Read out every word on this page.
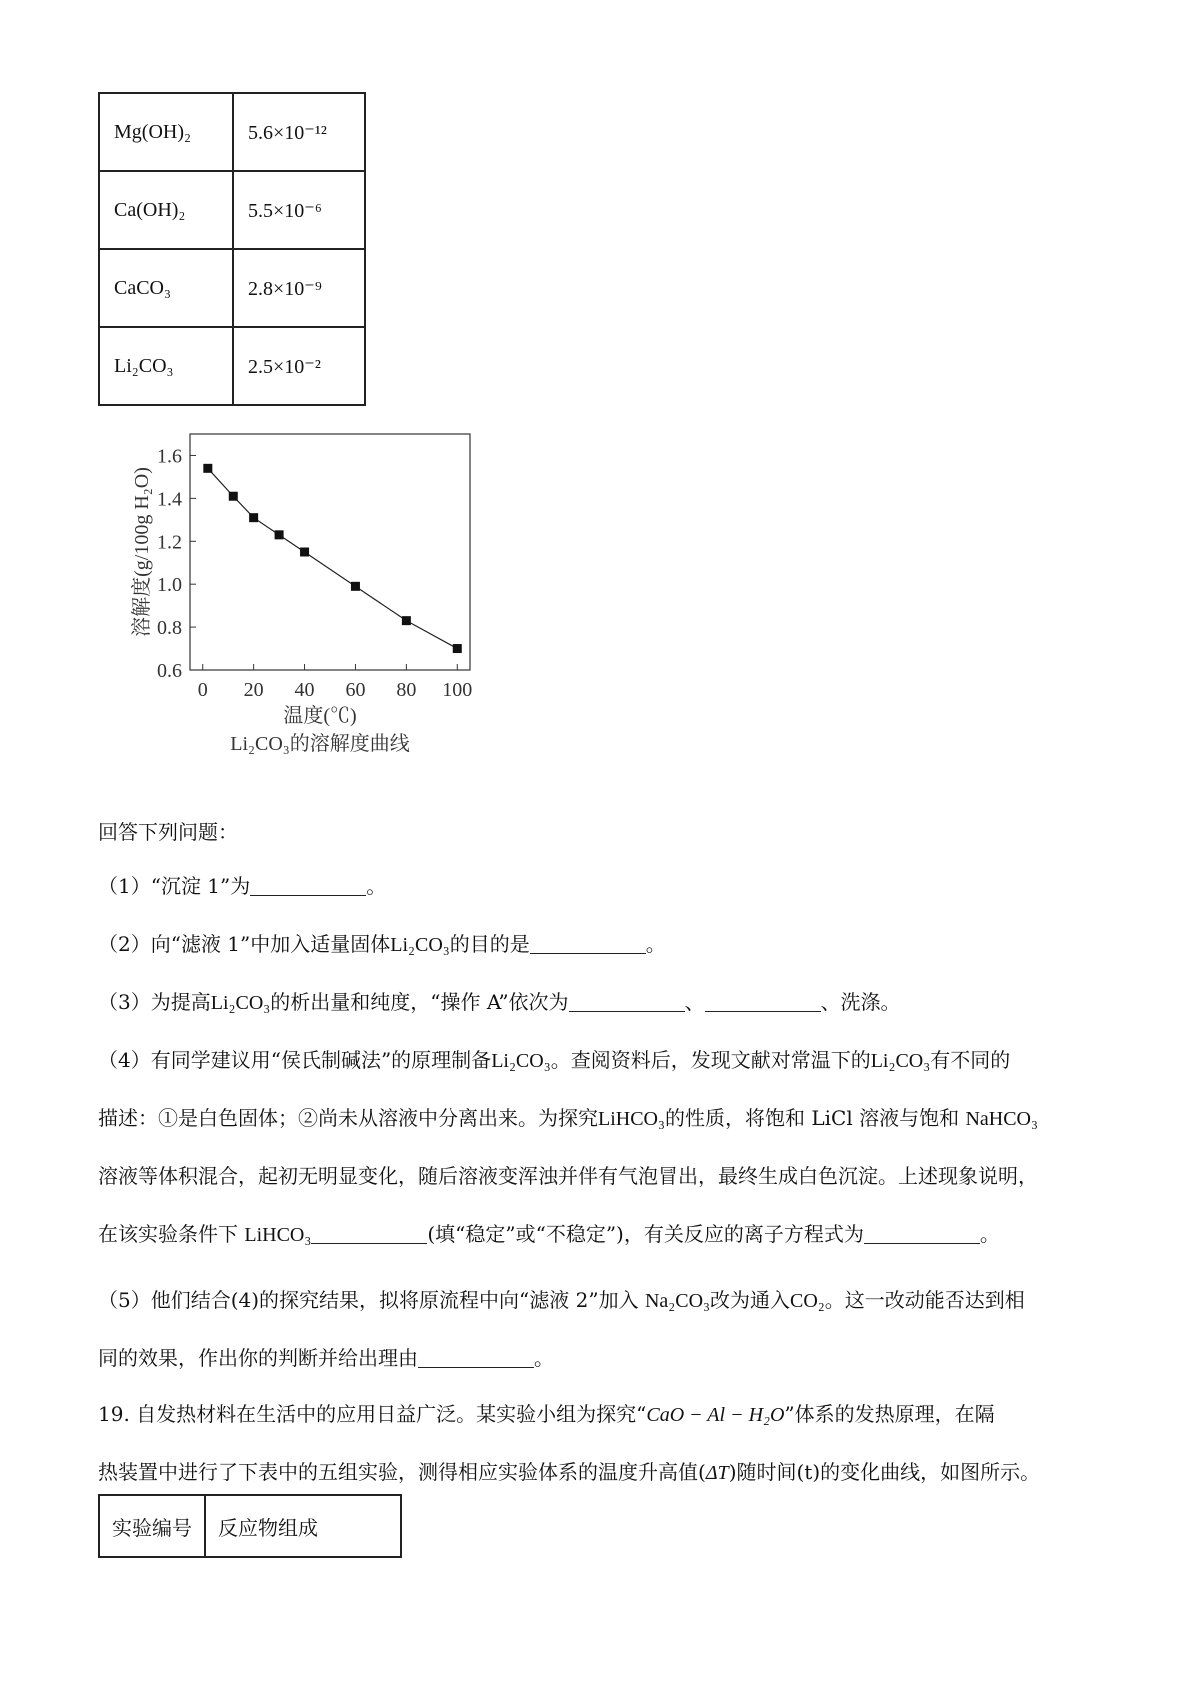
Mg(OH)₂	5.6×10⁻¹²
Ca(OH)₂	5.5×10⁻⁶
CaCO₃	2.8×10⁻⁹
Li₂CO₃	2.5×10⁻²
0.6
0.8
1.0
1.2
1.4
1.6
0 20 40 60 80 100
溶解度(g/100g H₂O)
温度(℃)
Li₂CO₃的溶解度曲线
回答下列问题：
（1）“沉淀 1”为	。
（2）向“滤液 1”中加入适量固体Li₂CO₃的目的是	。
（3）为提高Li₂CO₃的析出量和纯度，“操作 A”依次为	、	、洗涤。
（4）有同学建议用“侯氏制碱法”的原理制备Li₂CO₃。查阅资料后，发现文献对常温下的Li₂CO₃有不同的
描述：①是白色固体；②尚未从溶液中分离出来。为探究LiHCO₃的性质，将饱和 LiCl 溶液与饱和 NaHCO₃
溶液等体积混合，起初无明显变化，随后溶液变浑浊并伴有气泡冒出，最终生成白色沉淀。上述现象说明，
在该实验条件下 LiHCO₃	(填“稳定”或“不稳定”)，有关反应的离子方程式为	。
（5）他们结合(4)的探究结果，拟将原流程中向“滤液 2”加入 Na₂CO₃改为通入CO₂。这一改动能否达到相
同的效果，作出你的判断并给出理由	。
19. 自发热材料在生活中的应用日益广泛。某实验小组为探究“CaO − Al − H₂O”体系的发热原理，在隔
热装置中进行了下表中的五组实验，测得相应实验体系的温度升高值(ΔT)随时间(t)的变化曲线，如图所示。
实验编号	反应物组成
